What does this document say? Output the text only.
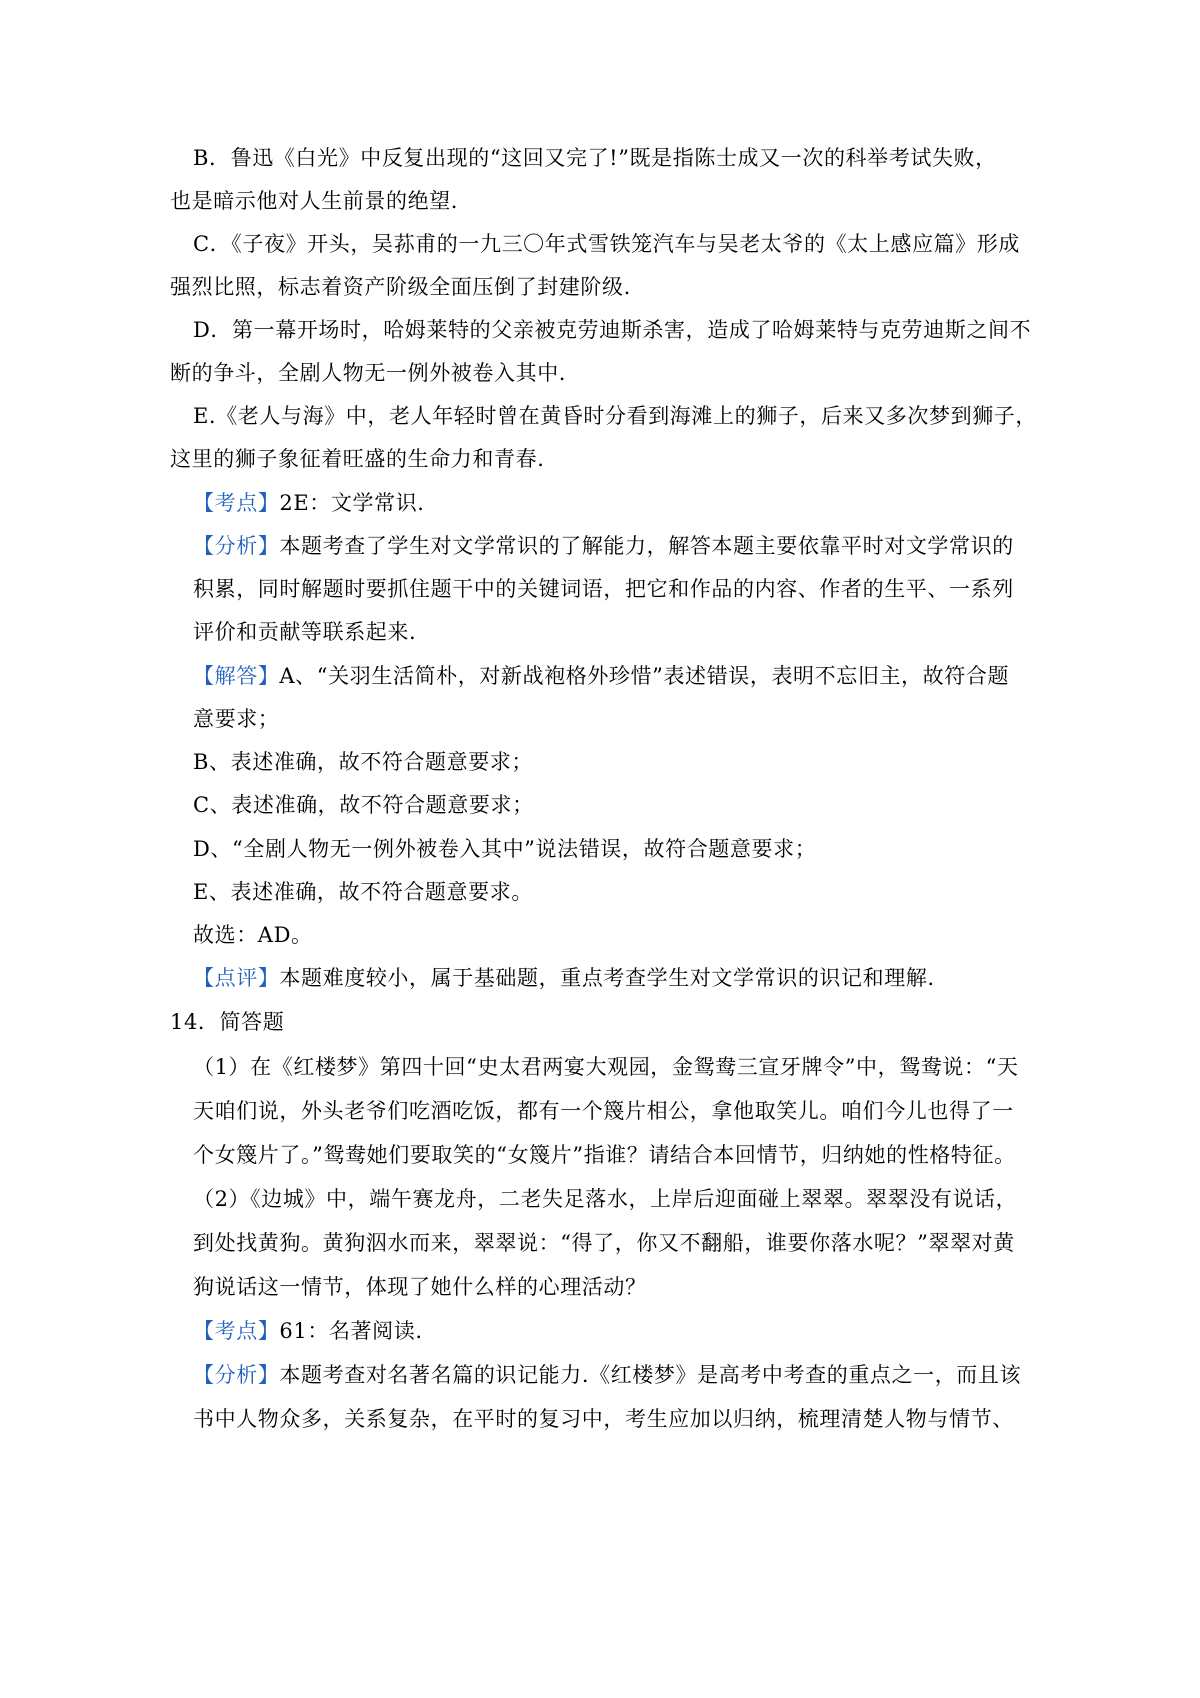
B．鲁迅《白光》中反复出现的“这回又完了!”既是指陈士成又一次的科举考试失败，
也是暗示他对人生前景的绝望.
C．《子夜》开头，吴荪甫的一九三〇年式雪铁笼汽车与吴老太爷的《太上感应篇》形成
强烈比照，标志着资产阶级全面压倒了封建阶级.
D．第一幕开场时，哈姆莱特的父亲被克劳迪斯杀害，造成了哈姆莱特与克劳迪斯之间不
断的争斗，全剧人物无一例外被卷入其中.
E.《老人与海》中，老人年轻时曾在黄昏时分看到海滩上的狮子，后来又多次梦到狮子，
这里的狮子象征着旺盛的生命力和青春.
【考点】2E：文学常识.
【分析】本题考查了学生对文学常识的了解能力，解答本题主要依靠平时对文学常识的
积累，同时解题时要抓住题干中的关键词语，把它和作品的内容、作者的生平、一系列
评价和贡献等联系起来.
【解答】A、“关羽生活简朴，对新战袍格外珍惜”表述错误，表明不忘旧主，故符合题
意要求；
B、表述准确，故不符合题意要求；
C、表述准确，故不符合题意要求；
D、“全剧人物无一例外被卷入其中”说法错误，故符合题意要求；
E、表述准确，故不符合题意要求。
故选：AD。
【点评】本题难度较小，属于基础题，重点考查学生对文学常识的识记和理解.
14．简答题
（1）在《红楼梦》第四十回“史太君两宴大观园，金鸳鸯三宣牙牌令”中，鸳鸯说：“天
天咱们说，外头老爷们吃酒吃饭，都有一个篾片相公，拿他取笑儿。咱们今儿也得了一
个女篾片了。”鸳鸯她们要取笑的“女篾片”指谁？请结合本回情节，归纳她的性格特征。
（2）《边城》中，端午赛龙舟，二老失足落水，上岸后迎面碰上翠翠。翠翠没有说话，
到处找黄狗。黄狗泅水而来，翠翠说：“得了，你又不翻船，谁要你落水呢？”翠翠对黄
狗说话这一情节，体现了她什么样的心理活动？
【考点】61：名著阅读.
【分析】本题考查对名著名篇的识记能力.《红楼梦》是高考中考查的重点之一，而且该
书中人物众多，关系复杂，在平时的复习中，考生应加以归纳，梳理清楚人物与情节、
